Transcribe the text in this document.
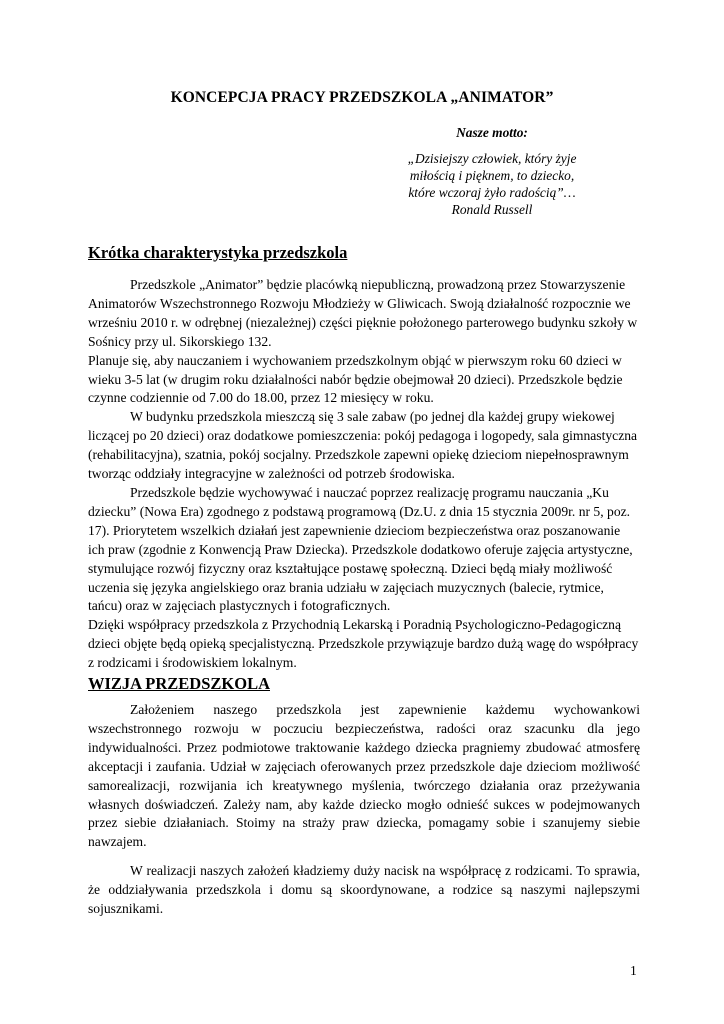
KONCEPCJA PRACY PRZEDSZKOLA „ANIMATOR”
Nasze motto:
„Dzisiejszy człowiek, który żyje
miłością i pięknem, to dziecko,
które wczoraj żyło radością”…
Ronald Russell
Krótka charakterystyka przedszkola

Przedszkole „Animator” będzie placówką niepubliczną, prowadzoną przez Stowarzyszenie Animatorów Wszechstronnego Rozwoju Młodzieży w Gliwicach. Swoją działalność rozpocznie we wrześniu 2010 r. w odrębnej (niezależnej) części pięknie położonego parterowego budynku szkoły w Sośnicy przy ul. Sikorskiego 132.

Planuje się, aby nauczaniem i wychowaniem przedszkolnym objąć w pierwszym roku 60 dzieci w wieku 3-5 lat (w drugim roku działalności nabór będzie obejmował 20 dzieci). Przedszkole będzie czynne codziennie od 7.00 do 18.00, przez 12 miesięcy w roku.

W budynku przedszkola mieszczą się 3 sale zabaw (po jednej dla każdej grupy wiekowej liczącej po 20 dzieci) oraz dodatkowe pomieszczenia: pokój pedagoga i logopedy, sala gimnastyczna (rehabilitacyjna), szatnia, pokój socjalny. Przedszkole zapewni opiekę dzieciom niepełnosprawnym tworząc oddziały integracyjne w zależności od potrzeb środowiska.

Przedszkole będzie wychowywać i nauczać poprzez realizację programu nauczania „Ku dziecku” (Nowa Era) zgodnego z podstawą programową (Dz.U. z dnia 15 stycznia 2009r. nr 5, poz. 17). Priorytetem wszelkich działań jest zapewnienie dzieciom bezpieczeństwa oraz poszanowanie ich praw (zgodnie z Konwencją Praw Dziecka). Przedszkole dodatkowo oferuje zajęcia artystyczne, stymulujące rozwój fizyczny oraz kształtujące postawę społeczną. Dzieci będą miały możliwość uczenia się języka angielskiego oraz brania udziału w zajęciach muzycznych (balecie, rytmice, tańcu) oraz w zajęciach plastycznych i fotograficznych.

Dzięki współpracy przedszkola z Przychodnią Lekarską i Poradnią Psychologiczno-Pedagogiczną dzieci objęte będą opieką specjalistyczną. Przedszkole przywiązuje bardzo dużą wagę do współpracy z rodzicami i środowiskiem lokalnym.

WIZJA PRZEDSZKOLA

Założeniem naszego przedszkola jest zapewnienie każdemu wychowankowi wszechstronnego rozwoju w poczuciu bezpieczeństwa, radości oraz szacunku dla jego indywidualności. Przez podmiotowe traktowanie każdego dziecka pragniemy zbudować atmosferę akceptacji i zaufania. Udział w zajęciach oferowanych przez przedszkole daje dzieciom możliwość samorealizacji, rozwijania ich kreatywnego myślenia, twórczego działania oraz przeżywania własnych doświadczeń. Zależy nam, aby każde dziecko mogło odnieść sukces w podejmowanych przez siebie działaniach. Stoimy na straży praw dziecka, pomagamy sobie i szanujemy siebie nawzajem.

W realizacji naszych założeń kładziemy duży nacisk na współpracę z rodzicami. To sprawia, że oddziaływania przedszkola i domu są skoordynowane, a rodzice są naszymi najlepszymi sojusznikami.

1
